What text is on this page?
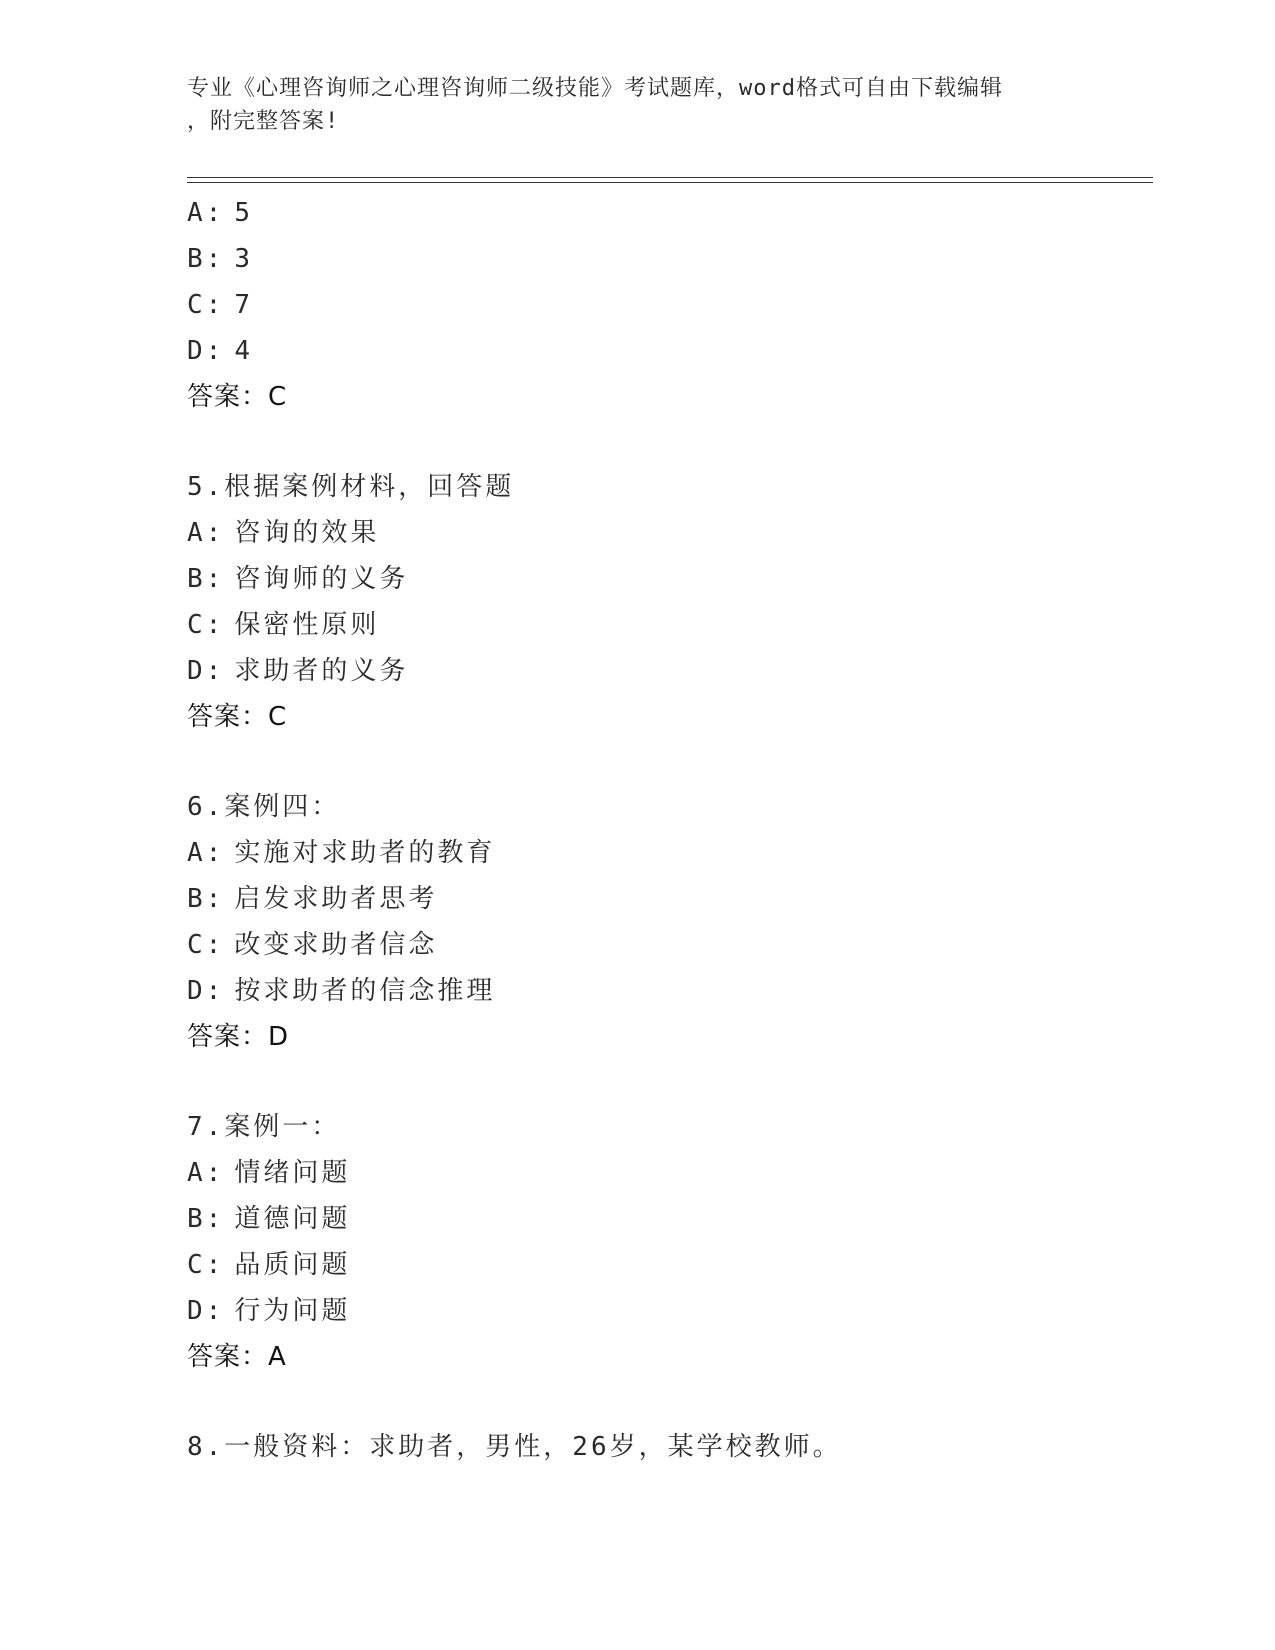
专业《心理咨询师之心理咨询师二级技能》考试题库，word格式可自由下载编辑
，附完整答案!
A: 5
B: 3
C: 7
D: 4
答案：C
5.根据案例材料，回答题
A: 咨询的效果
B: 咨询师的义务
C: 保密性原则
D: 求助者的义务
答案：C
6.案例四：
A: 实施对求助者的教育
B: 启发求助者思考
C: 改变求助者信念
D: 按求助者的信念推理
答案：D
7.案例一：
A: 情绪问题
B: 道德问题
C: 品质问题
D: 行为问题
答案：A
8.一般资料：求助者，男性，26岁，某学校教师。
